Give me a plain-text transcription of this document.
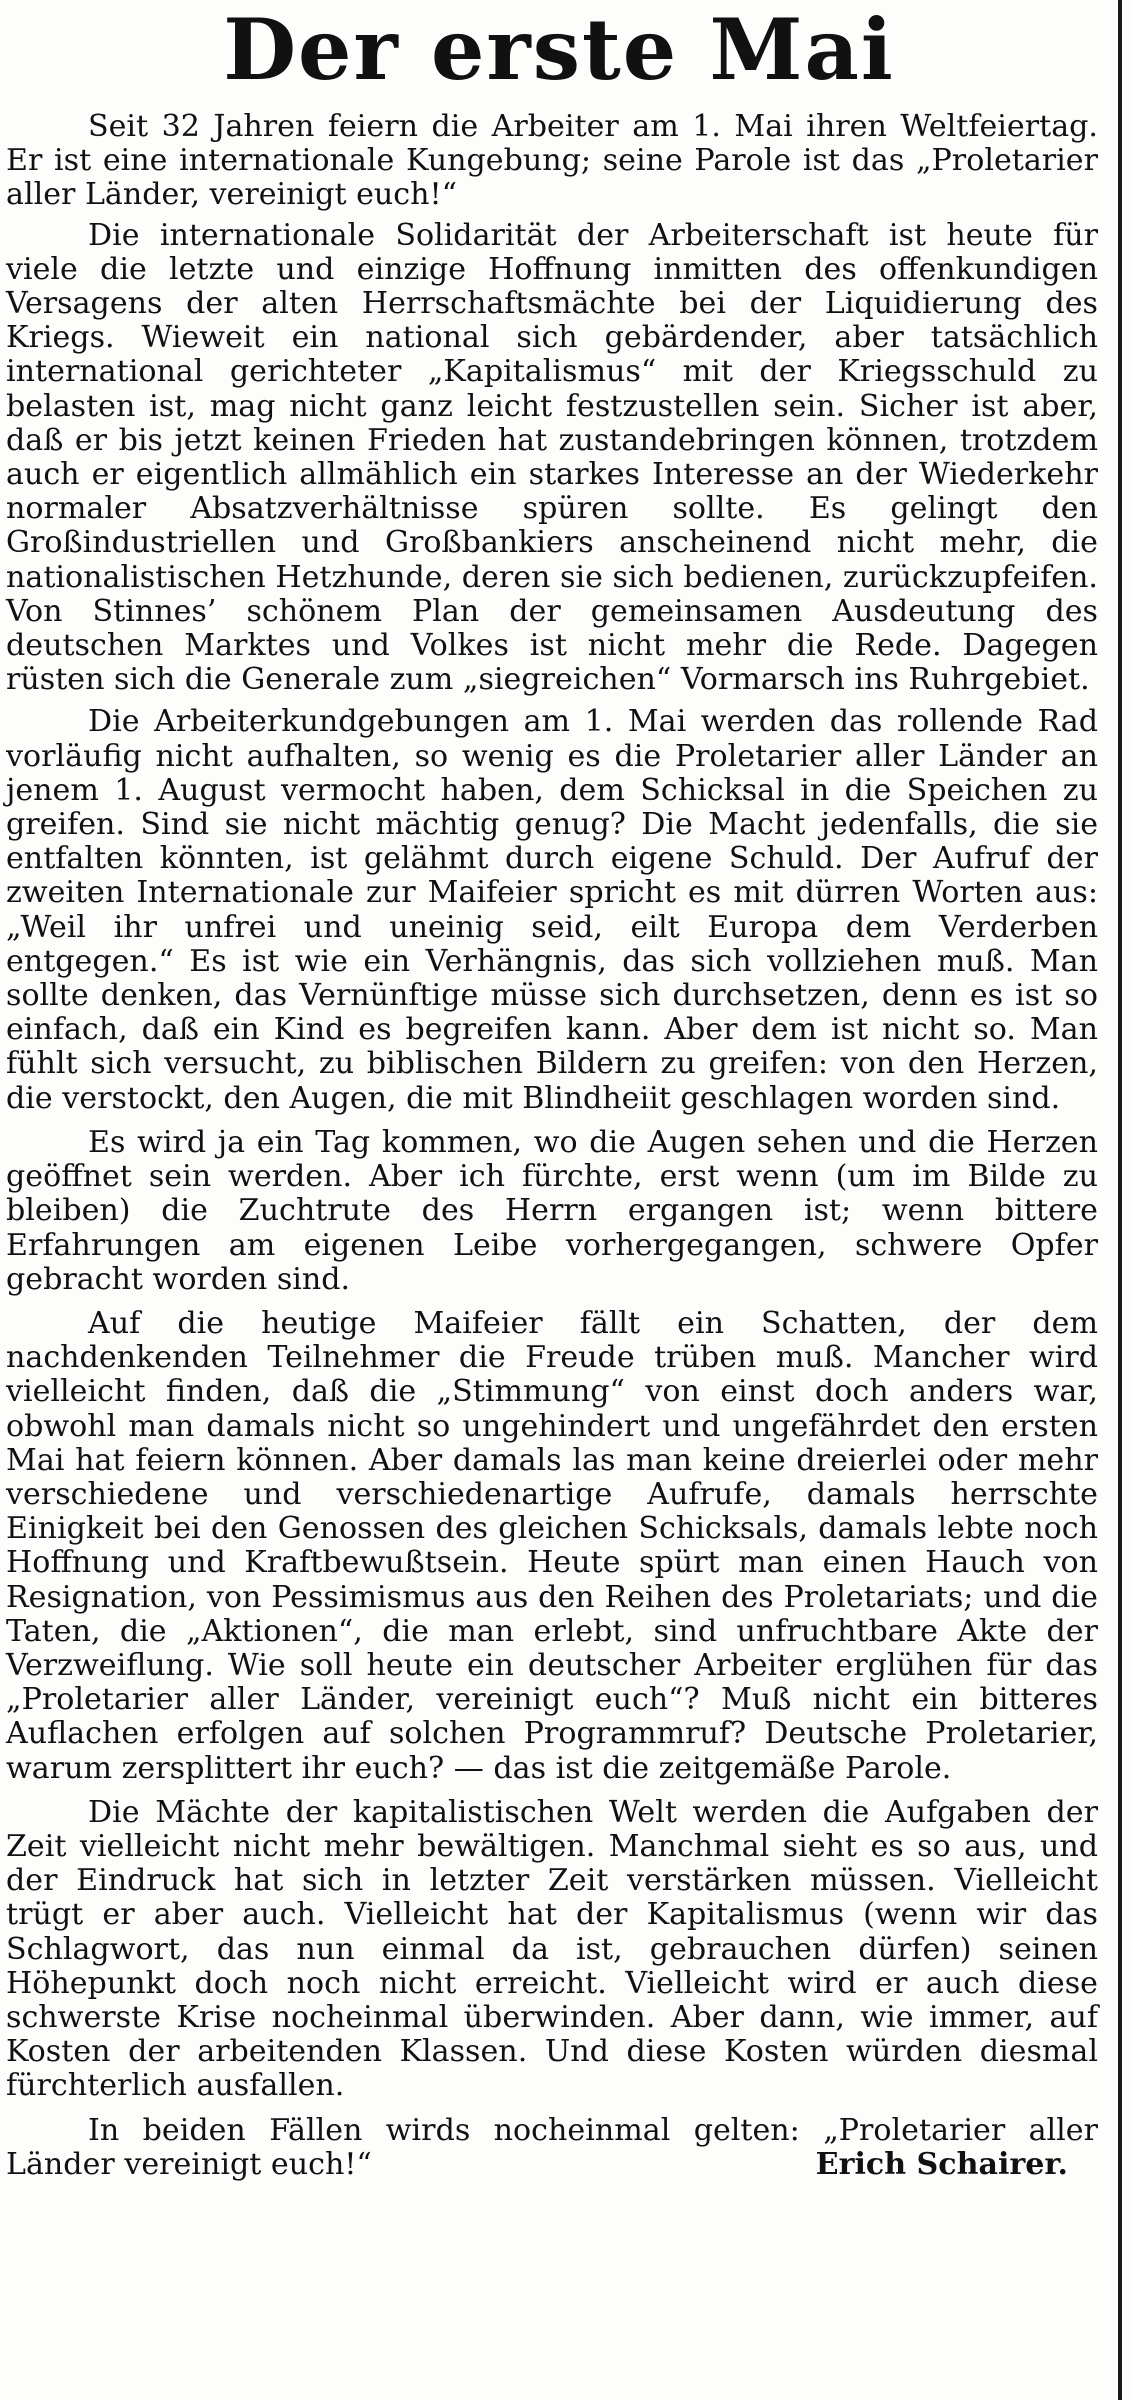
Der erste Mai

Seit 32 Jahren feiern die Arbeiter am 1. Mai ihren Weltfeiertag. Er ist eine internationale Kungebung; seine Parole ist das „Proletarier aller Länder, vereinigt euch!“

Die internationale Solidarität der Arbeiterschaft ist heute für viele die letzte und einzige Hoffnung inmitten des offenkundigen Versagens der alten Herrschaftsmächte bei der Liquidierung des Kriegs. Wieweit ein national sich gebärdender, aber tatsächlich international gerichteter „Kapitalismus“ mit der Kriegsschuld zu belasten ist, mag nicht ganz leicht festzustellen sein. Sicher ist aber, daß er bis jetzt keinen Frieden hat zustandebringen können, trotzdem auch er eigentlich allmählich ein starkes Interesse an der Wiederkehr normaler Absatzverhältnisse spüren sollte. Es gelingt den Großindustriellen und Großbankiers anscheinend nicht mehr, die nationalistischen Hetzhunde, deren sie sich bedienen, zurückzupfeifen. Von Stinnes’ schönem Plan der gemeinsamen Ausdeutung des deutschen Marktes und Volkes ist nicht mehr die Rede. Dagegen rüsten sich die Generale zum „siegreichen“ Vormarsch ins Ruhrgebiet.

Die Arbeiterkundgebungen am 1. Mai werden das rollende Rad vorläufig nicht aufhalten, so wenig es die Proletarier aller Länder an jenem 1. August vermocht haben, dem Schicksal in die Speichen zu greifen. Sind sie nicht mächtig genug? Die Macht jedenfalls, die sie entfalten könnten, ist gelähmt durch eigene Schuld. Der Aufruf der zweiten Internationale zur Maifeier spricht es mit dürren Worten aus: „Weil ihr unfrei und uneinig seid, eilt Europa dem Verderben entgegen.“ Es ist wie ein Verhängnis, das sich vollziehen muß. Man sollte denken, das Vernünftige müsse sich durchsetzen, denn es ist so einfach, daß ein Kind es begreifen kann. Aber dem ist nicht so. Man fühlt sich versucht, zu biblischen Bildern zu greifen: von den Herzen, die verstockt, den Augen, die mit Blindheiit geschlagen worden sind.

Es wird ja ein Tag kommen, wo die Augen sehen und die Herzen geöffnet sein werden. Aber ich fürchte, erst wenn (um im Bilde zu bleiben) die Zuchtrute des Herrn ergangen ist; wenn bittere Erfahrungen am eigenen Leibe vorhergegangen, schwere Opfer gebracht worden sind.

Auf die heutige Maifeier fällt ein Schatten, der dem nachdenkenden Teilnehmer die Freude trüben muß. Mancher wird vielleicht finden, daß die „Stimmung“ von einst doch anders war, obwohl man damals nicht so ungehindert und ungefährdet den ersten Mai hat feiern können. Aber damals las man keine dreierlei oder mehr verschiedene und verschiedenartige Aufrufe, damals herrschte Einigkeit bei den Genossen des gleichen Schicksals, damals lebte noch Hoffnung und Kraftbewußtsein. Heute spürt man einen Hauch von Resignation, von Pessimismus aus den Reihen des Proletariats; und die Taten, die „Aktionen“, die man erlebt, sind unfruchtbare Akte der Verzweiflung. Wie soll heute ein deutscher Arbeiter erglühen für das „Proletarier aller Länder, vereinigt euch“? Muß nicht ein bitteres Auflachen erfolgen auf solchen Programmruf? Deutsche Proletarier, warum zersplittert ihr euch? — das ist die zeitgemäße Parole.

Die Mächte der kapitalistischen Welt werden die Aufgaben der Zeit vielleicht nicht mehr bewältigen. Manchmal sieht es so aus, und der Eindruck hat sich in letzter Zeit verstärken müssen. Vielleicht trügt er aber auch. Vielleicht hat der Kapitalismus (wenn wir das Schlagwort, das nun einmal da ist, gebrauchen dürfen) seinen Höhepunkt doch noch nicht erreicht. Vielleicht wird er auch diese schwerste Krise nocheinmal überwinden. Aber dann, wie immer, auf Kosten der arbeitenden Klassen. Und diese Kosten würden diesmal fürchterlich ausfallen.

In beiden Fällen wirds nocheinmal gelten: „Proletarier aller Länder vereinigt euch!“	Erich Schairer.
